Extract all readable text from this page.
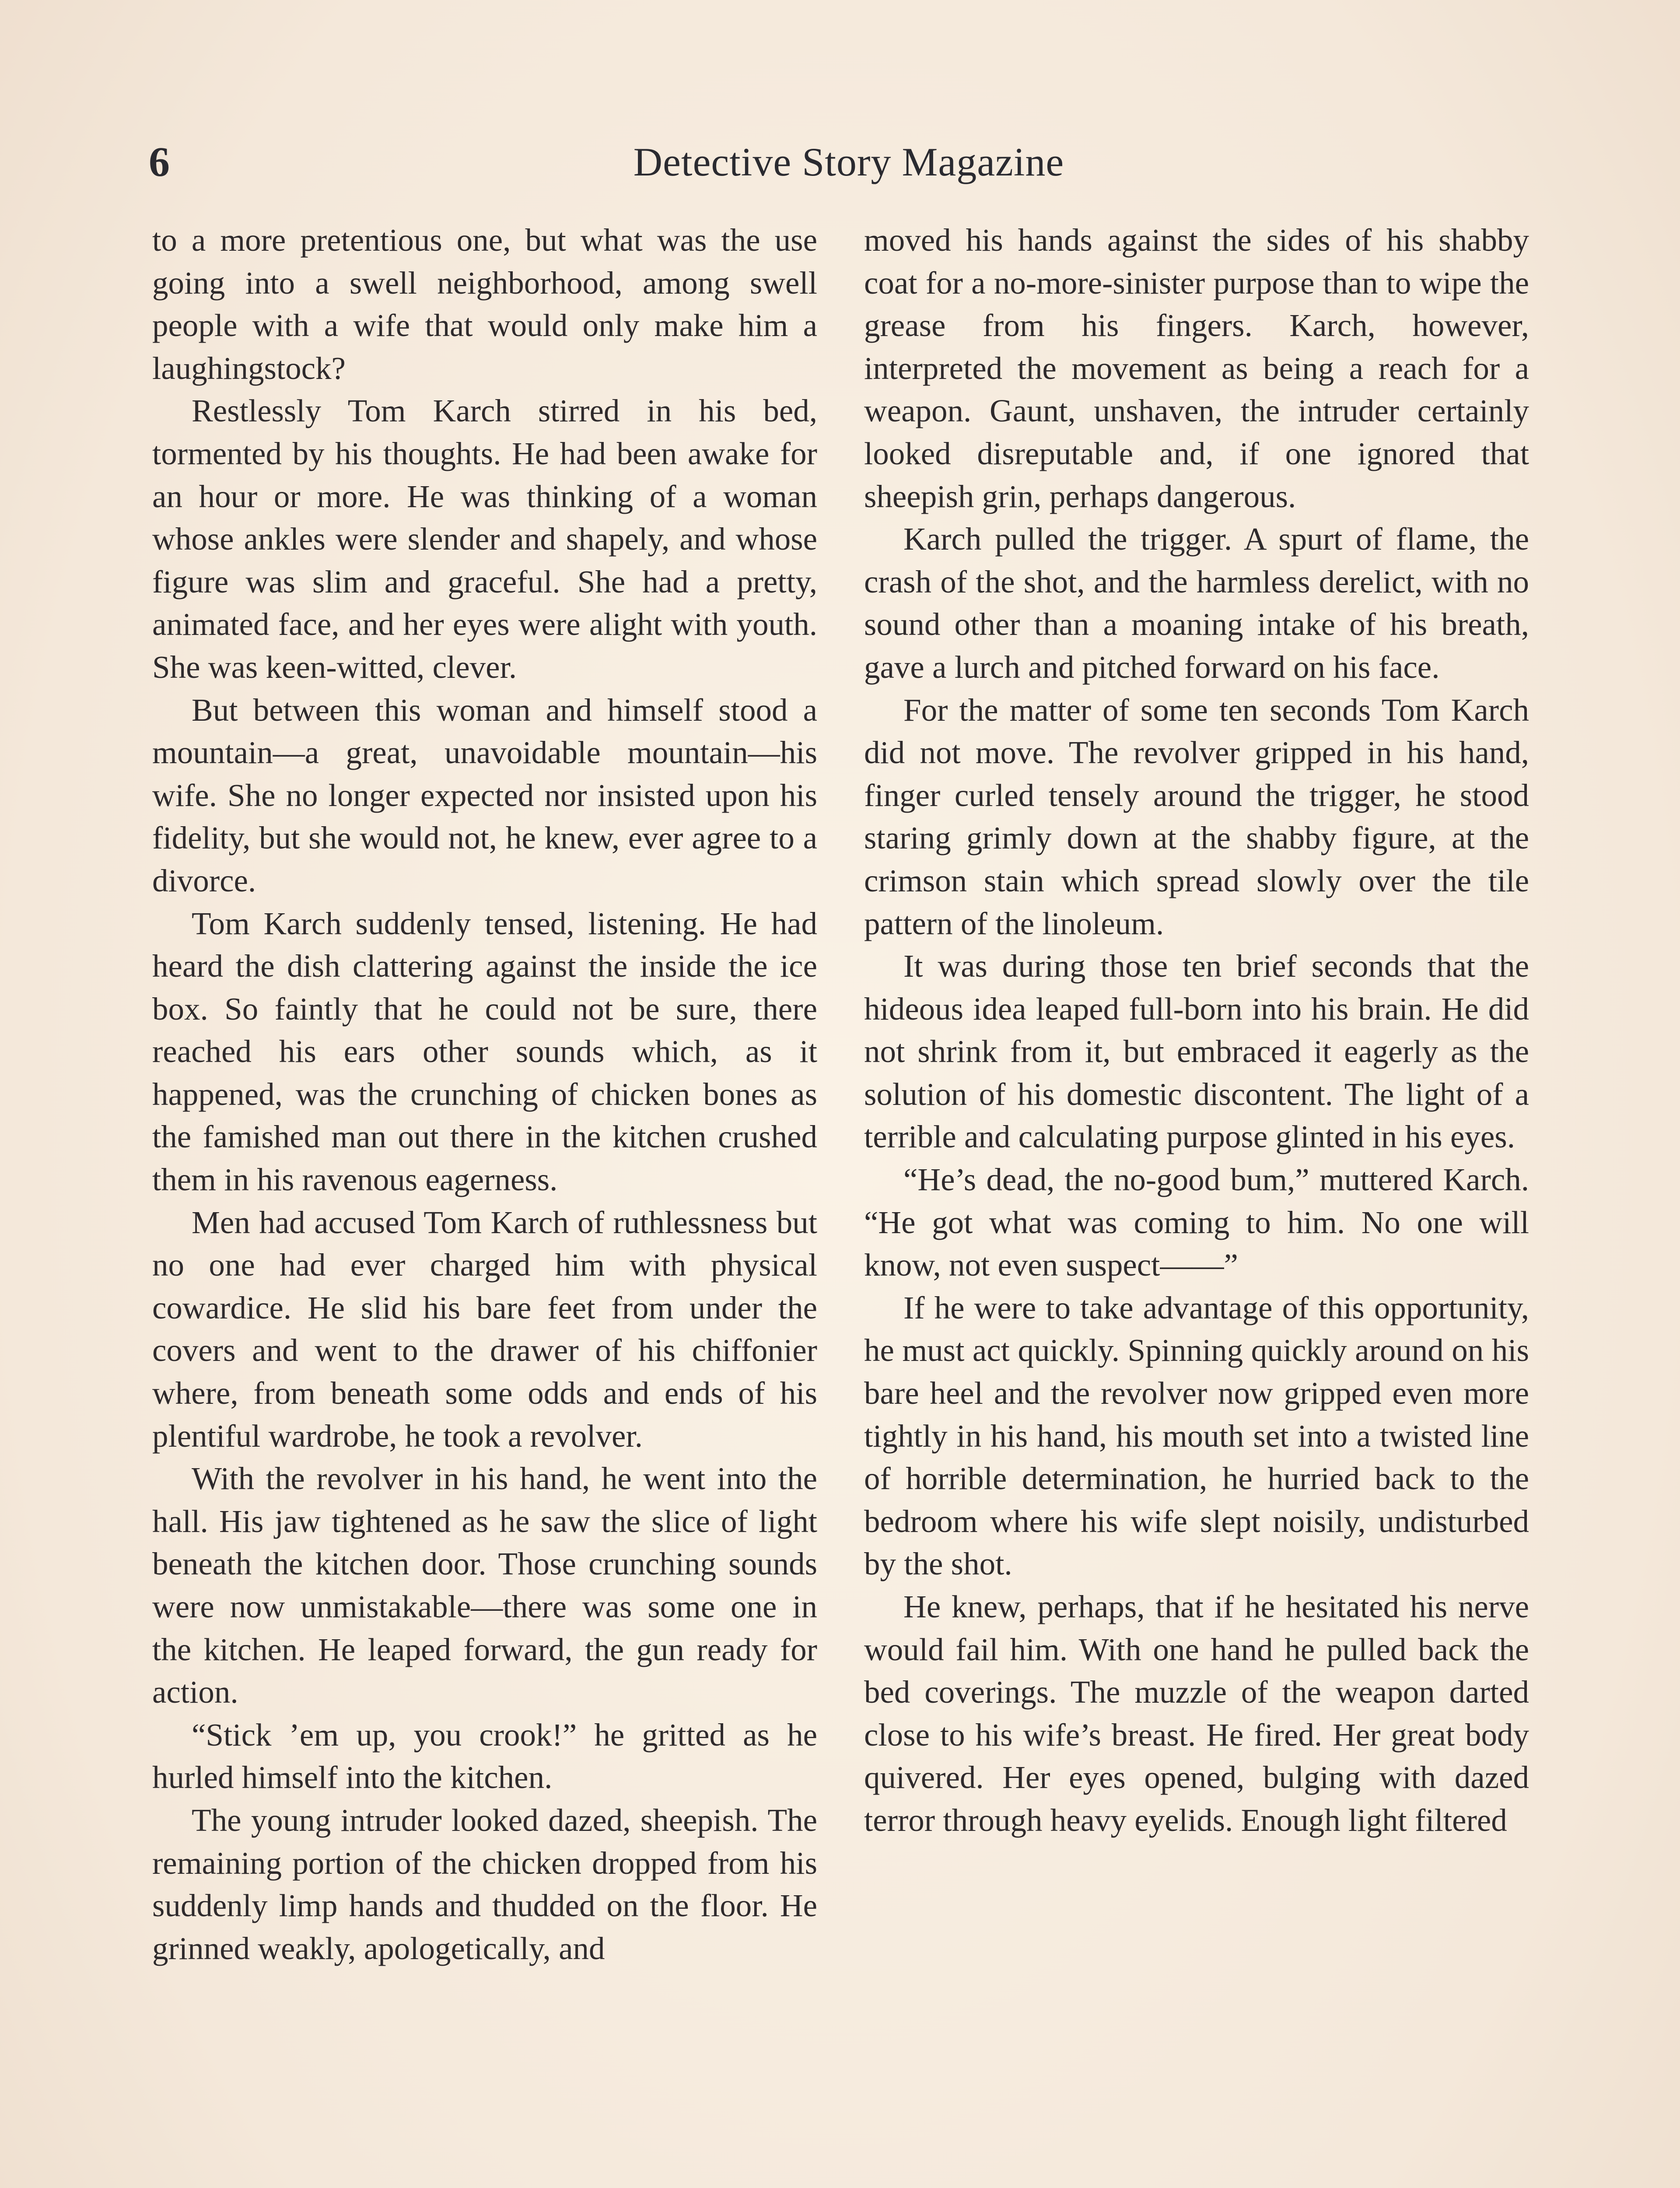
6	Detective Story Magazine

to a more pretentious one, but what was the use going into a swell neighborhood, among swell people with a wife that would only make him a laughingstock?

Restlessly Tom Karch stirred in his bed, tormented by his thoughts. He had been awake for an hour or more. He was thinking of a woman whose ankles were slender and shapely, and whose figure was slim and graceful. She had a pretty, animated face, and her eyes were alight with youth. She was keen-witted, clever.

But between this woman and himself stood a mountain—a great, unavoidable mountain—his wife. She no longer expected nor insisted upon his fidelity, but she would not, he knew, ever agree to a divorce.

Tom Karch suddenly tensed, listening. He had heard the dish clattering against the inside the ice box. So faintly that he could not be sure, there reached his ears other sounds which, as it happened, was the crunching of chicken bones as the famished man out there in the kitchen crushed them in his ravenous eagerness.

Men had accused Tom Karch of ruthlessness but no one had ever charged him with physical cowardice. He slid his bare feet from under the covers and went to the drawer of his chiffonier where, from beneath some odds and ends of his plentiful wardrobe, he took a revolver.

With the revolver in his hand, he went into the hall. His jaw tightened as he saw the slice of light beneath the kitchen door. Those crunching sounds were now unmistakable—there was some one in the kitchen. He leaped forward, the gun ready for action.

“Stick ’em up, you crook!” he gritted as he hurled himself into the kitchen.

The young intruder looked dazed, sheepish. The remaining portion of the chicken dropped from his suddenly limp hands and thudded on the floor. He grinned weakly, apologetically, and

moved his hands against the sides of his shabby coat for a no-more-sinister purpose than to wipe the grease from his fingers. Karch, however, interpreted the movement as being a reach for a weapon. Gaunt, unshaven, the intruder certainly looked disreputable and, if one ignored that sheepish grin, perhaps dangerous.

Karch pulled the trigger. A spurt of flame, the crash of the shot, and the harmless derelict, with no sound other than a moaning intake of his breath, gave a lurch and pitched forward on his face.

For the matter of some ten seconds Tom Karch did not move. The revolver gripped in his hand, finger curled tensely around the trigger, he stood staring grimly down at the shabby figure, at the crimson stain which spread slowly over the tile pattern of the linoleum.

It was during those ten brief seconds that the hideous idea leaped full-born into his brain. He did not shrink from it, but embraced it eagerly as the solution of his domestic discontent. The light of a terrible and calculating purpose glinted in his eyes.

“He’s dead, the no-good bum,” muttered Karch. “He got what was coming to him. No one will know, not even suspect——”

If he were to take advantage of this opportunity, he must act quickly. Spinning quickly around on his bare heel and the revolver now gripped even more tightly in his hand, his mouth set into a twisted line of horrible determination, he hurried back to the bedroom where his wife slept noisily, undisturbed by the shot.

He knew, perhaps, that if he hesitated his nerve would fail him. With one hand he pulled back the bed coverings. The muzzle of the weapon darted close to his wife’s breast. He fired. Her great body quivered. Her eyes opened, bulging with dazed terror through heavy eyelids. Enough light filtered
